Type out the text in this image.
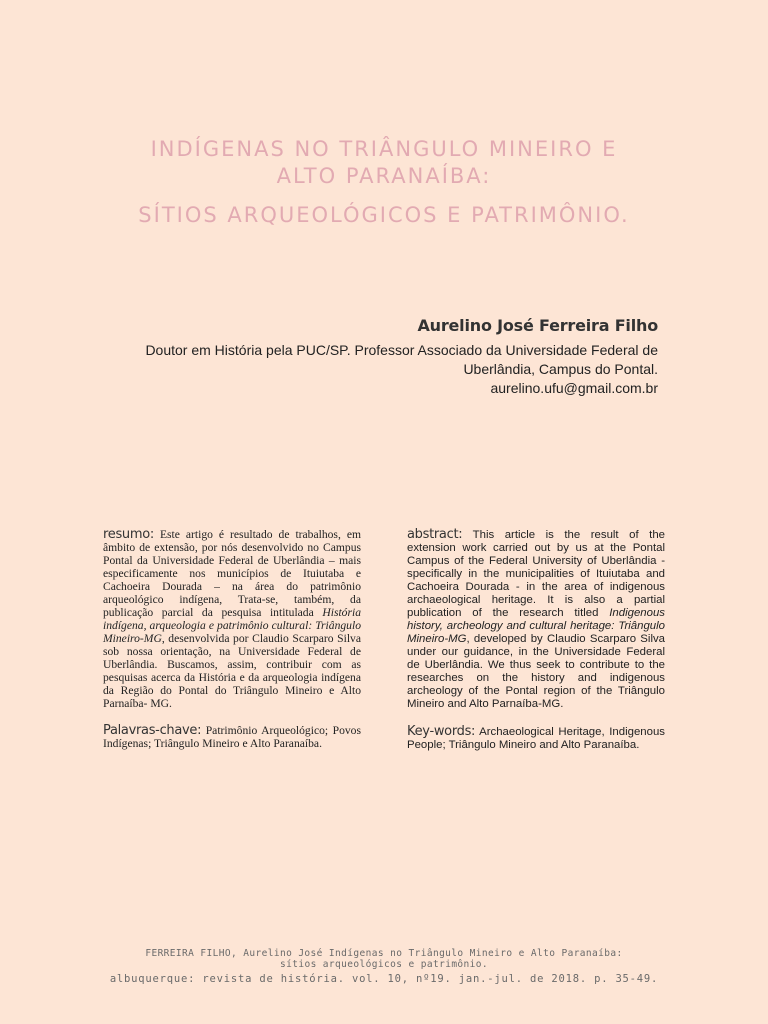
INDÍGENAS NO TRIÂNGULO MINEIRO E
ALTO PARANAÍBA:
SÍTIOS ARQUEOLÓGICOS E PATRIMÔNIO.
Aurelino José Ferreira Filho
Doutor em História pela PUC/SP. Professor Associado da Universidade Federal de
Uberlândia, Campus do Pontal.
aurelino.ufu@gmail.com.br

resumo: Este artigo é resultado de trabalhos, em âmbito de extensão, por nós desenvolvido no Campus Pontal da Universidade Federal de Uberlândia – mais especificamente nos municípios de Ituiutaba e Cachoeira Dourada – na área do patrimônio arqueológico indígena, Trata-se, também, da publicação parcial da pesquisa intitulada História indígena, arqueologia e patrimônio cultural: Triângulo Mineiro-MG, desenvolvida por Claudio Scarparo Silva sob nossa orientação, na Universidade Federal de Uberlândia. Buscamos, assim, contribuir com as pesquisas acerca da História e da arqueologia indígena da Região do Pontal do Triângulo Mineiro e Alto Parnaíba- MG.

Palavras-chave: Patrimônio Arqueológico; Povos Indígenas; Triângulo Mineiro e Alto Paranaíba.

abstract: This article is the result of the extension work carried out by us at the Pontal Campus of the Federal University of Uberlândia - specifically in the municipalities of Ituiutaba and Cachoeira Dourada - in the area of indigenous archaeological heritage. It is also a partial publication of the research titled Indigenous history, archeology and cultural heritage: Triângulo Mineiro-MG, developed by Claudio Scarparo Silva under our guidance, in the Universidade Federal de Uberlândia. We thus seek to contribute to the researches on the history and indigenous archeology of the Pontal region of the Triângulo Mineiro and Alto Parnaíba-MG.

Key-words: Archaeological Heritage, Indigenous People; Triângulo Mineiro and Alto Paranaíba.

FERREIRA FILHO, Aurelino José Indígenas no Triângulo Mineiro e Alto Paranaíba: sítios arqueológicos e patrimônio.
albuquerque: revista de história. vol. 10, nº19. jan.-jul. de 2018. p. 35-49.
